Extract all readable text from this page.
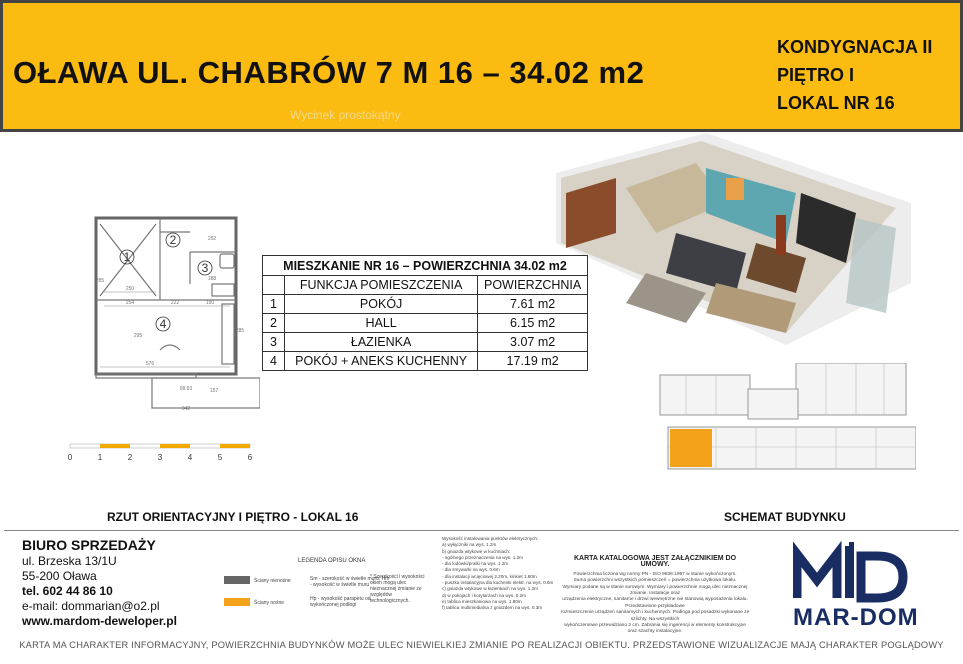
OŁAWA UL. CHABRÓW 7 M 16 – 34.02 m2
KONDYGNACJA II
PIĘTRO I
LOKAL NR 16
Wycinek prostokątny
1
2
3
4
250
222	190
254
295
576
342
98.93	157
188
252
285
285
MIESZKANIE NR 16 – POWIERZCHNIA 34.02 m2		
	FUNKCJA POMIESZCZENIA	POWIERZCHNIA
1	POKÓJ	7.61 m2
2	HALL	6.15 m2
3	ŁAZIENKA	3.07 m2
4	POKÓJ + ANEKS KUCHENNY	17.19 m2
0	1	2	3	4	5	6
RZUT ORIENTACYJNY I PIĘTRO - LOKAL 16	SCHEMAT BUDYNKU
BIURO SPRZEDAŻY
ul. Brzeska 13/1U
55-200 Oława
tel. 602 44 86 10
e-mail: dommarian@o2.pl
www.mardom-deweloper.pl
LEGENDA OPISU OKNA
Ściany nienośne
Ściany nośne
Sm - szerokość w świetle muru; Hm - wysokość w świetle muru
Hp - wysokość parapetu od wykończonej podłogi
* Szerokości i wysokości okien mogą ulec nieznacznej zmianie ze względów technologicznych.
Wysokość instalowania punktów elektrycznych:
a) wyłączniki na wys. 1.2m
b) gniazda wtykowe w kuchniach:
- ogólnego przeznaczenia na wys. 1.2m
- dla lodówki/pralki na wys. 1.2m
- dla zmywarki na wys. 0.6m
- dla instalacji wcięciowej 2.20m, kinkiet 1.80m
- puszka instalacyjna dla kuchenki elektr. na wys. 0.6m
c) gniazda wtykowe w łazienkach na wys. 1.2m
d) w pokojach i korytarzach na wys. 0.2m
e) tablica mieszkaniowa na wys. 1.80m
f) tablica multimedialna z gniazdem na wys. 0.3m
KARTA KATALOGOWA JEST ZAŁĄCZNIKIEM DO UMOWY.
Powierzchnia liczona wg normy PN - ISO 9836:1997 w stanie wykończonym.
Suma powierzchni wszystkich pomieszczeń = powierzchnia użytkowa lokalu.
Wymiary podane są w stanie surowym. Wymiary i powierzchnie mogą ulec nieznacznej zmianie. Instalacje oraz
urządzenia elektryczne, sanitarne i drzwi wewnętrzne nie stanowią wyposażenia lokalu. Przedstawione przykładowe
rozmieszczenie urządzeń sanitarnych i kuchennych. Podłoga pod posadzki wykonane ze szlichty. Na wszystkich
wykończeniowe przewidziano 2 cm. Zabrania się ingerencji w elementy konstrukcyjne oraz szachty instalacyjne.
MAR-DOM
KARTA MA CHARAKTER INFORMACYJNY, POWIERZCHNIA BUDYNKÓW MOŻE ULEC NIEWIELKIEJ ZMIANIE PO REALIZACJI OBIEKTU. PRZEDSTAWIONE WIZUALIZACJE MAJĄ CHARAKTER POGLĄDOWY
